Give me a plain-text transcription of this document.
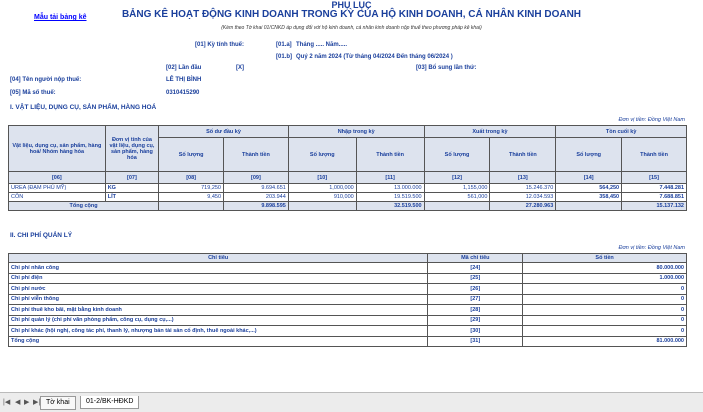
Mẫu tải bảng kê
PHỤ LỤC
BẢNG KÊ HOẠT ĐỘNG KINH DOANH TRONG KỲ CỦA HỘ KINH DOANH, CÁ NHÂN KINH DOANH
(Kèm theo Tờ khai 01/CNKD áp dụng đối với hộ kinh doanh, cá nhân kinh doanh nộp thuế theo phương pháp kê khai)
[01] Kỳ tính thuế:	[01.a] Tháng ..... Năm.....
[01.b] Quý 2 năm 2024 (Từ tháng 04/2024 Đến tháng 06/2024 )
[02] Lần đầu	[X]	[03] Bổ sung lần thứ:
[04] Tên người nộp thuế:	LÊ THỊ BÌNH
[05] Mã số thuế:	0310415290
I. VẬT LIỆU, DỤNG CỤ, SẢN PHẨM, HÀNG HOÁ
Đơn vị tiền: Đồng Việt Nam
Vật liệu, dụng cụ, sản phẩm, hàng hoá/ Nhóm hàng hóa	Đơn vị tính của vật liệu, dụng cụ, sản phẩm, hàng hóa	Số dư đầu kỳ		Nhập trong kỳ		Xuất trong kỳ		Tồn cuối kỳ	
		Số lượng	Thành tiền	Số lượng	Thành tiền	Số lượng	Thành tiền	Số lượng	Thành tiền
[06]	[07]	[08]	[09]	[10]	[11]	[12]	[13]	[14]	[15]
UREA (ĐẠM PHÚ MỸ)	KG	719,250	9.694.651	1,000,000	13.000.000	1,155,000	15.246.370	564,250	7.448.281
CÔN	LÍT	9,450	203.944	910,000	19.519.500	561,000	12.034.593	358,450	7.688.851
Tổng cộng			9.898.595		32.519.500		27.280.963		15.137.132
II. CHI PHÍ QUẢN LÝ
Đơn vị tiền: Đồng Việt Nam
Chỉ tiêu	Mã chỉ tiêu	Số tiền
Chi phí nhân công	[24]	80.000.000
Chi phí điện	[25]	1.000.000
Chi phí nước	[26]	0
Chi phí viễn thông	[27]	0
Chi phí thuê kho bãi, mặt bằng kinh doanh	[28]	0
Chi phí quản lý (chi phí văn phòng phẩm, công cụ, dụng cụ,...)	[29]	0
Chi phí khác (hội nghị, công tác phí, thanh lý, nhượng bán tài sản cố định, thuê ngoài khác,...)	[30]	0
Tổng cộng	[31]	81.000.000
|◀ ◀ ▶ ▶| Tờ khai	01-2/BK-HĐKD
